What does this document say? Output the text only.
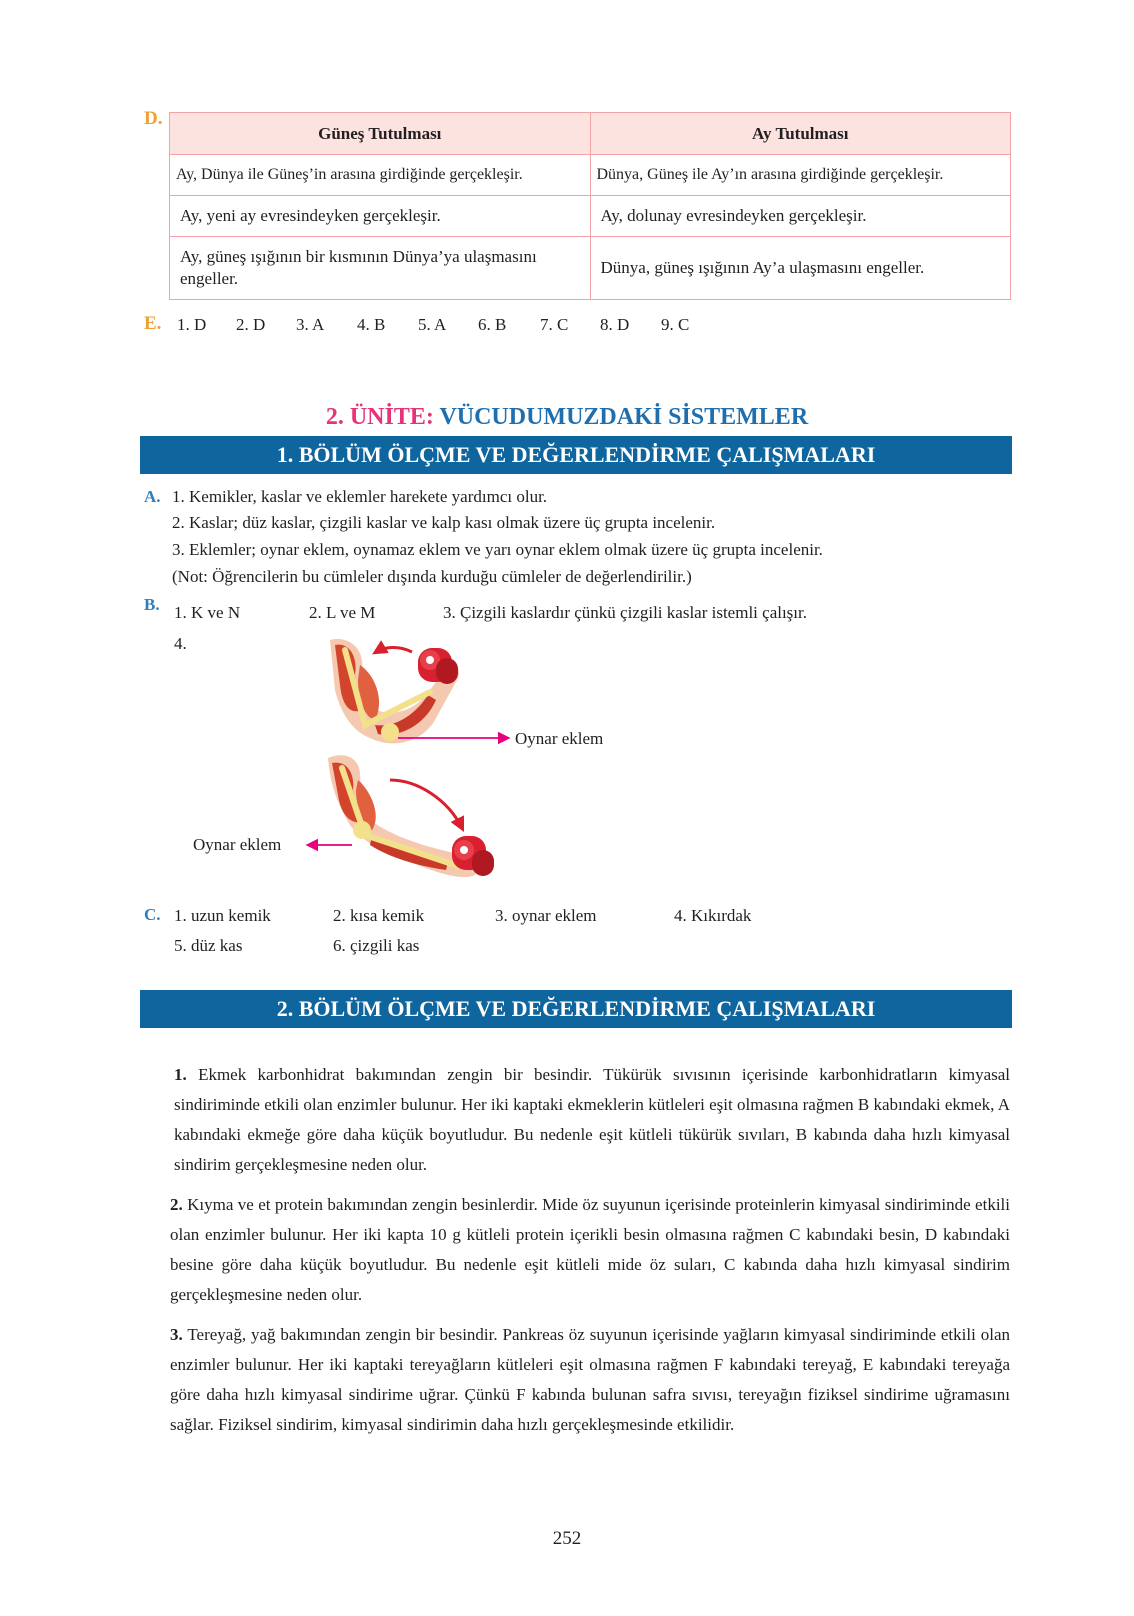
D.
Güneş Tutulması	Ay Tutulması
Ay, Dünya ile Güneş’in arasına girdiğinde gerçekleşir.	Dünya, Güneş ile Ay’ın arasına girdiğinde gerçekleşir.
Ay, yeni ay evresindeyken gerçekleşir.	Ay, dolunay evresindeyken gerçekleşir.
Ay, güneş ışığının bir kısmının Dünya’ya ulaşmasını engeller.	Dünya, güneş ışığının Ay’a ulaşmasını engeller.
E. 1. D 2. D 3. A 4. B 5. A 6. B 7. C 8. D 9. C
2. ÜNİTE: VÜCUDUMUZDAKİ SİSTEMLER
1. BÖLÜM ÖLÇME VE DEĞERLENDİRME ÇALIŞMALARI
A. 1. Kemikler, kaslar ve eklemler harekete yardımcı olur.
2. Kaslar; düz kaslar, çizgili kaslar ve kalp kası olmak üzere üç grupta incelenir.
3. Eklemler; oynar eklem, oynamaz eklem ve yarı oynar eklem olmak üzere üç grupta incelenir.
(Not: Öğrencilerin bu cümleler dışında kurduğu cümleler de değerlendirilir.)
B. 1. K ve N	2. L ve M	3. Çizgili kaslardır çünkü çizgili kaslar istemli çalışır.
4.
Oynar eklem
Oynar eklem
C. 1. uzun kemik	2. kısa kemik	3. oynar eklem	4. Kıkırdak
5. düz kas	6. çizgili kas
2. BÖLÜM ÖLÇME VE DEĞERLENDİRME ÇALIŞMALARI
1. Ekmek karbonhidrat bakımından zengin bir besindir. Tükürük sıvısının içerisinde karbonhidratların kimyasal sindiriminde etkili olan enzimler bulunur. Her iki kaptaki ekmeklerin kütleleri eşit olmasına rağmen B kabındaki ekmek, A kabındaki ekmeğe göre daha küçük boyutludur. Bu nedenle eşit kütleli tükürük sıvıları, B kabında daha hızlı kimyasal sindirim gerçekleşmesine neden olur.
2. Kıyma ve et protein bakımından zengin besinlerdir. Mide öz suyunun içerisinde proteinlerin kimyasal sindiriminde etkili olan enzimler bulunur. Her iki kapta 10 g kütleli protein içerikli besin olmasına rağmen C kabındaki besin, D kabındaki besine göre daha küçük boyutludur. Bu nedenle eşit kütleli mide öz suları, C kabında daha hızlı kimyasal sindirim gerçekleşmesine neden olur.
3. Tereyağ, yağ bakımından zengin bir besindir. Pankreas öz suyunun içerisinde yağların kimyasal sindiriminde etkili olan enzimler bulunur. Her iki kaptaki tereyağların kütleleri eşit olmasına rağmen F kabındaki tereyağ, E kabındaki tereyağa göre daha hızlı kimyasal sindirime uğrar. Çünkü F kabında bulunan safra sıvısı, tereyağın fiziksel sindirime uğramasını sağlar. Fiziksel sindirim, kimyasal sindirimin daha hızlı gerçekleşmesinde etkilidir.
252
